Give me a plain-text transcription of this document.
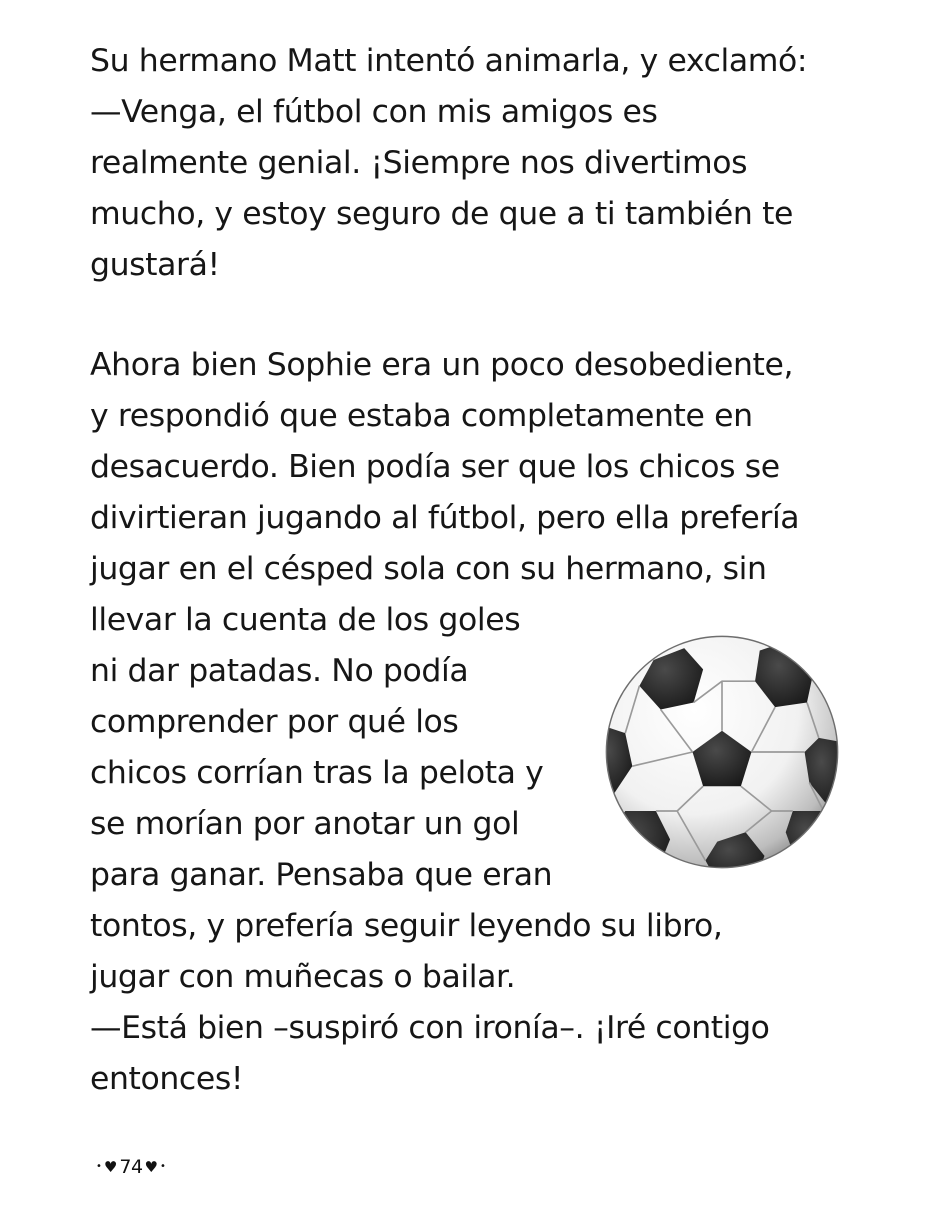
Su hermano Matt intentó animarla, y exclamó:
—Venga, el fútbol con mis amigos es
realmente genial. ¡Siempre nos divertimos
mucho, y estoy seguro de que a ti también te
gustará!
Ahora bien Sophie era un poco desobediente,
y respondió que estaba completamente en
desacuerdo. Bien podía ser que los chicos se
divirtieran jugando al fútbol, pero ella prefería
jugar en el césped sola con su hermano, sin
llevar la cuenta de los goles
ni dar patadas. No podía
comprender por qué los
chicos corrían tras la pelota y
se morían por anotar un gol
para ganar. Pensaba que eran
tontos, y prefería seguir leyendo su libro,
jugar con muñecas o bailar.
—Está bien –suspiró con ironía–. ¡Iré contigo
entonces!
• ♥ 74 ♥ •
